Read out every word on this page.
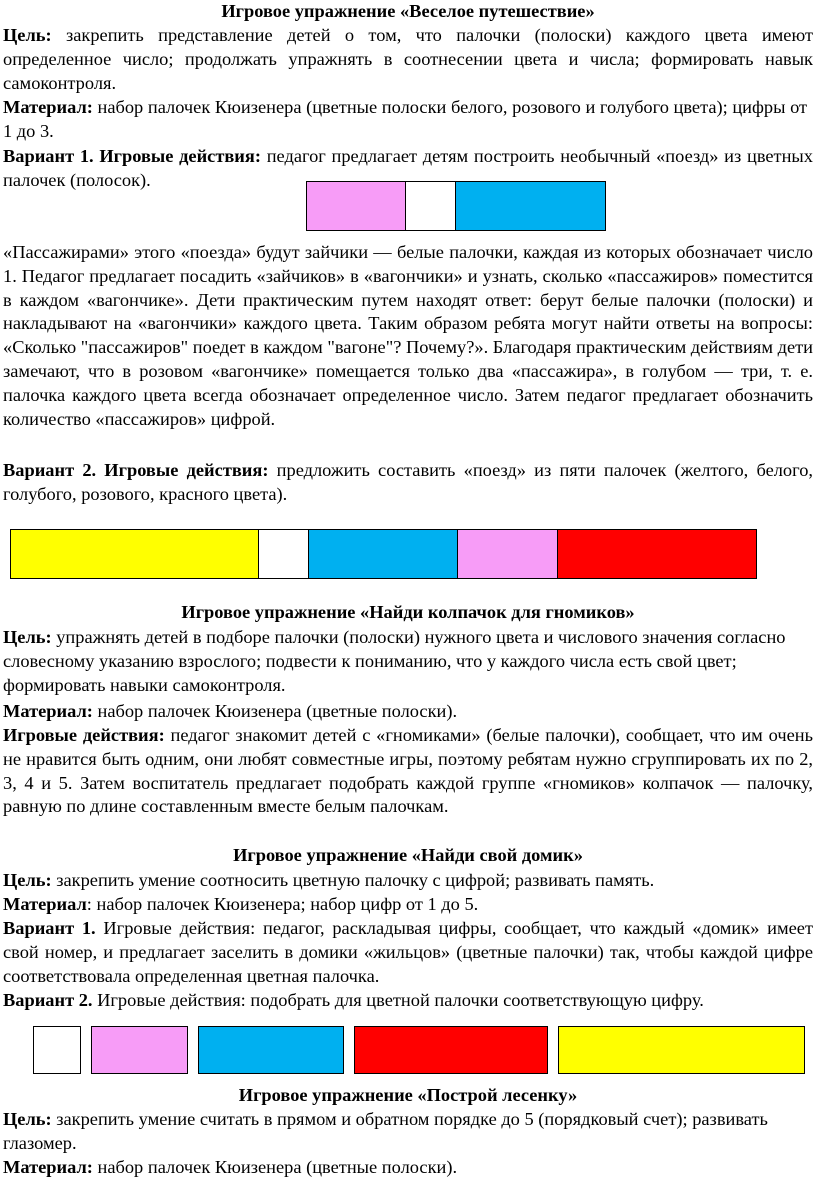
Игровое упражнение «Веселое путешествие»

Цель: закрепить представление детей о том, что палочки (полоски) каждого цвета имеют определенное число; продолжать упражнять в соотнесении цвета и числа; формировать навык самоконтроля.

Материал: набор палочек Кюизенера (цветные полоски белого, розового и голубого цвета); цифры от 1 до 3.

Вариант 1. Игровые действия: педагог предлагает детям построить необычный «поезд» из цветных палочек (полосок).

«Пассажирами» этого «поезда» будут зайчики — белые палочки, каждая из которых обозначает число 1. Педагог предлагает посадить «зайчиков» в «вагончики» и узнать, сколько «пассажиров» поместится в каждом «вагончике». Дети практическим путем находят ответ: берут белые палочки (полоски) и накладывают на «вагончики» каждого цвета. Таким образом ребята могут найти ответы на вопросы: «Сколько "пассажиров" поедет в каждом "вагоне"? Почему?». Благодаря практическим действиям дети замечают, что в розовом «вагончике» помещается только два «пассажира», в голубом — три, т. е. палочка каждого цвета всегда обозначает определенное число. Затем педагог предлагает обозначить количество «пассажиров» цифрой.

Вариант 2. Игровые действия: предложить составить «поезд» из пяти палочек (желтого, белого, голубого, розового, красного цвета).

Игровое упражнение «Найди колпачок для гномиков»

Цель: упражнять детей в подборе палочки (полоски) нужного цвета и числового значения согласно словесному указанию взрослого; подвести к пониманию, что у каждого числа есть свой цвет; формировать навыки самоконтроля.

Материал: набор палочек Кюизенера (цветные полоски).

Игровые действия: педагог знакомит детей с «гномиками» (белые палочки), сообщает, что им очень не нравится быть одним, они любят совместные игры, поэтому ребятам нужно сгруппировать их по 2, 3, 4 и 5. Затем воспитатель предлагает подобрать каждой группе «гномиков» колпачок — палочку, равную по длине составленным вместе белым палочкам.

Игровое упражнение «Найди свой домик»

Цель: закрепить умение соотносить цветную палочку с цифрой; развивать память.

Материал: набор палочек Кюизенера; набор цифр от 1 до 5.

Вариант 1. Игровые действия: педагог, раскладывая цифры, сообщает, что каждый «домик» имеет свой номер, и предлагает заселить в домики «жильцов» (цветные палочки) так, чтобы каждой цифре соответствовала определенная цветная палочка.

Вариант 2. Игровые действия: подобрать для цветной палочки соответствующую цифру.

Игровое упражнение «Построй лесенку»

Цель: закрепить умение считать в прямом и обратном порядке до 5 (порядковый счет); развивать глазомер.

Материал: набор палочек Кюизенера (цветные полоски).
